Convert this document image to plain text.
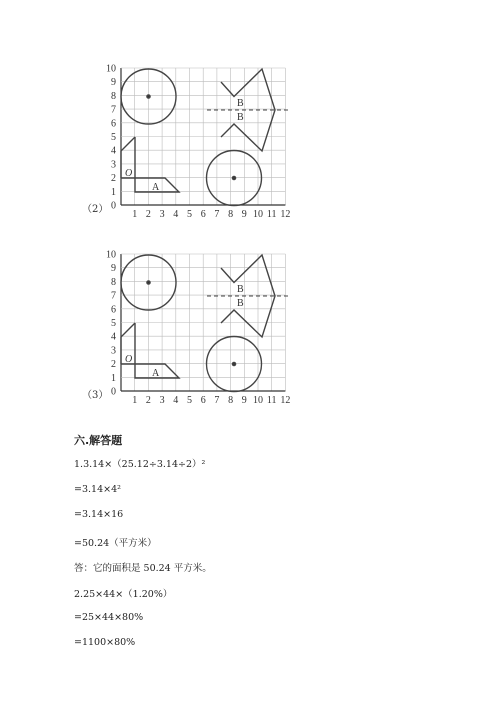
10
9
8
7
6
5
4
3
2
1
0
1 2 3 4 5 6 7 8 9 10 11 12
B
B
A
O
（2）
10
9
8
7
6
5
4
3
2
1
0
1 2 3 4 5 6 7 8 9 10 11 12
B
B
A
O
（3）
六.解答题
1.3.14×（25.12÷3.14÷2）²
=3.14×4²
=3.14×16
=50.24（平方米）
答：它的面积是 50.24 平方米。
2.25×44×（1.20%）
=25×44×80%
=1100×80%
